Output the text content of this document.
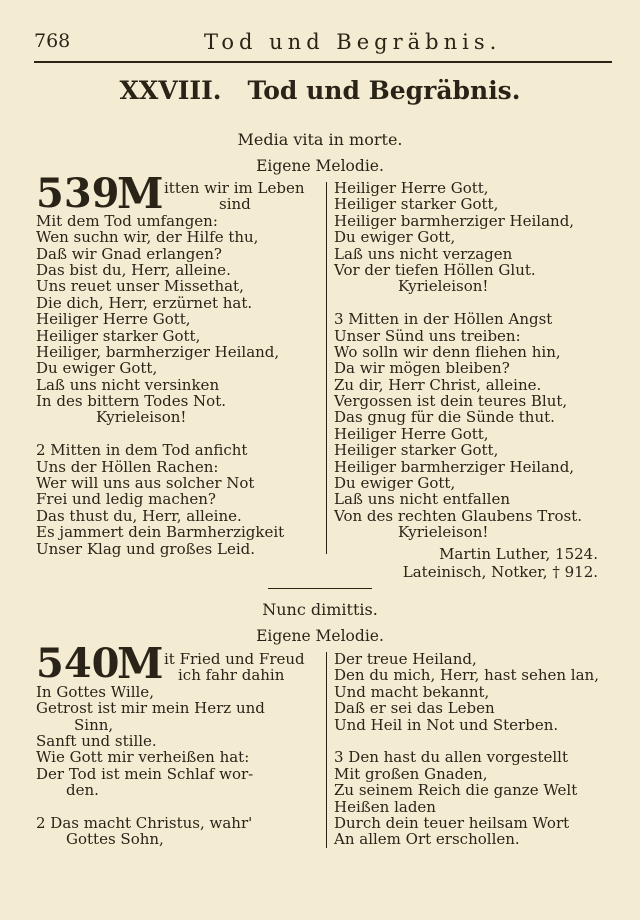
768	Tod und Begräbnis.
XXVIII. Tod und Begräbnis.
Media vita in morte.
Eigene Melodie.
539
M itten wir im Leben
sind
Mit dem Tod umfangen:
Wen suchn wir, der Hilfe thu,
Daß wir Gnad erlangen?
Das bist du, Herr, alleine.
Uns reuet unser Missethat,
Die dich, Herr, erzürnet hat.
Heiliger Herre Gott,
Heiliger starker Gott,
Heiliger, barmherziger Heiland,
Du ewiger Gott,
Laß uns nicht versinken
In des bittern Todes Not.
Kyrieleison!
2 Mitten in dem Tod anficht
Uns der Höllen Rachen:
Wer will uns aus solcher Not
Frei und ledig machen?
Das thust du, Herr, alleine.
Es jammert dein Barmherzigkeit
Unser Klag und großes Leid.
Heiliger Herre Gott,
Heiliger starker Gott,
Heiliger barmherziger Heiland,
Du ewiger Gott,
Laß uns nicht verzagen
Vor der tiefen Höllen Glut.
Kyrieleison!
3 Mitten in der Höllen Angst
Unser Sünd uns treiben:
Wo solln wir denn fliehen hin,
Da wir mögen bleiben?
Zu dir, Herr Christ, alleine.
Vergossen ist dein teures Blut,
Das gnug für die Sünde thut.
Heiliger Herre Gott,
Heiliger starker Gott,
Heiliger barmherziger Heiland,
Du ewiger Gott,
Laß uns nicht entfallen
Von des rechten Glaubens Trost.
Kyrieleison!
Martin Luther, 1524.
Lateinisch, Notker, † 912.
Nunc dimittis.
Eigene Melodie.
540
M it Fried und Freud
ich fahr dahin
In Gottes Wille,
Getrost ist mir mein Herz und
Sinn,
Sanft und stille.
Wie Gott mir verheißen hat:
Der Tod ist mein Schlaf wor-
den.
2 Das macht Christus, wahr'
Gottes Sohn,
Der treue Heiland,
Den du mich, Herr, hast sehen lan,
Und macht bekannt,
Daß er sei das Leben
Und Heil in Not und Sterben.
3 Den hast du allen vorgestellt
Mit großen Gnaden,
Zu seinem Reich die ganze Welt
Heißen laden
Durch dein teuer heilsam Wort
An allem Ort erschollen.
